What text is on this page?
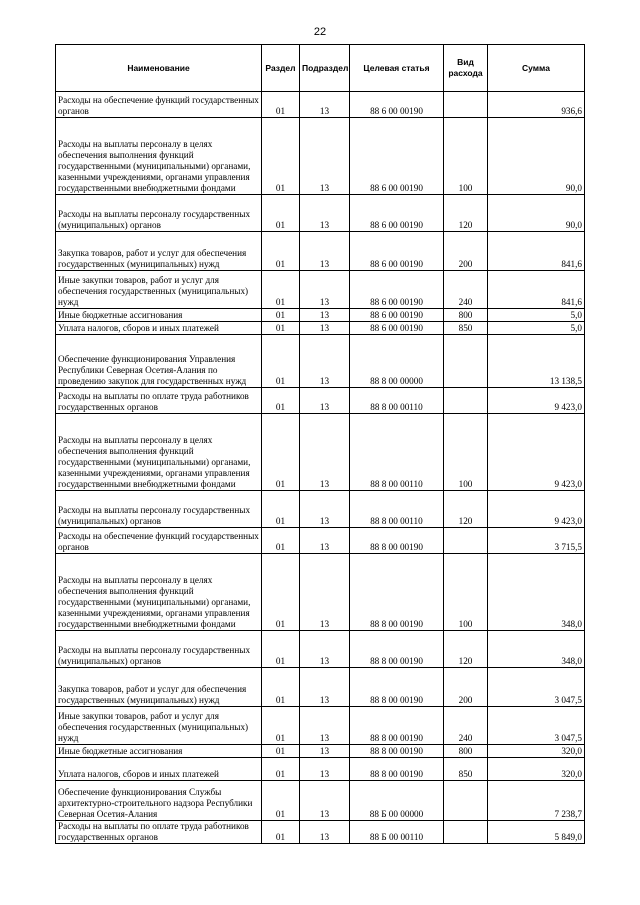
22
Наименование	Раздел	Подраздел	Целевая статья	Вид расхода	Сумма
Расходы на обеспечение функций государственных органов	01	13	88 6 00 00190		936,6
Расходы на выплаты персоналу в целях обеспечения выполнения функций государственными (муниципальными) органами, казенными учреждениями, органами управления государственными внебюджетными фондами	01	13	88 6 00 00190	100	90,0
Расходы на выплаты персоналу государственных (муниципальных) органов	01	13	88 6 00 00190	120	90,0
Закупка товаров, работ и услуг для обеспечения государственных (муниципальных) нужд	01	13	88 6 00 00190	200	841,6
Иные закупки товаров, работ и услуг для обеспечения государственных (муниципальных) нужд	01	13	88 6 00 00190	240	841,6
Иные бюджетные ассигнования	01	13	88 6 00 00190	800	5,0
Уплата налогов, сборов и иных платежей	01	13	88 6 00 00190	850	5,0
Обеспечение функционирования Управления Республики Северная Осетия-Алания по проведению закупок для государственных нужд	01	13	88 8 00 00000		13 138,5
Расходы на выплаты по оплате труда работников государственных органов	01	13	88 8 00 00110		9 423,0
Расходы на выплаты персоналу в целях обеспечения выполнения функций государственными (муниципальными) органами, казенными учреждениями, органами управления государственными внебюджетными фондами	01	13	88 8 00 00110	100	9 423,0
Расходы на выплаты персоналу государственных (муниципальных) органов	01	13	88 8 00 00110	120	9 423,0
Расходы на обеспечение функций государственных органов	01	13	88 8 00 00190		3 715,5
Расходы на выплаты персоналу в целях обеспечения выполнения функций государственными (муниципальными) органами, казенными учреждениями, органами управления государственными внебюджетными фондами	01	13	88 8 00 00190	100	348,0
Расходы на выплаты персоналу государственных (муниципальных) органов	01	13	88 8 00 00190	120	348,0
Закупка товаров, работ и услуг для обеспечения государственных (муниципальных) нужд	01	13	88 8 00 00190	200	3 047,5
Иные закупки товаров, работ и услуг для обеспечения государственных (муниципальных) нужд	01	13	88 8 00 00190	240	3 047,5
Иные бюджетные ассигнования	01	13	88 8 00 00190	800	320,0
Уплата налогов, сборов и иных платежей	01	13	88 8 00 00190	850	320,0
Обеспечение функционирования Службы архитектурно-строительного надзора Республики Северная Осетия-Алания	01	13	88 Б 00 00000		7 238,7
Расходы на выплаты по оплате труда работников государственных органов	01	13	88 Б 00 00110		5 849,0
